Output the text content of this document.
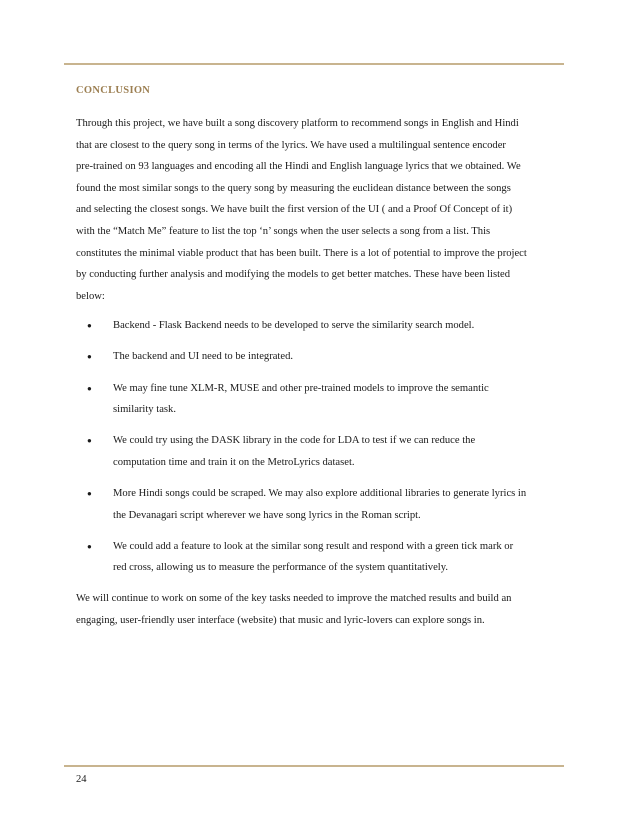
CONCLUSION

Through this project, we have built a song discovery platform to recommend songs in English and Hindi
that are closest to the query song in terms of the lyrics. We have used a multilingual sentence encoder
pre-trained on 93 languages and encoding all the Hindi and English language lyrics that we obtained. We
found the most similar songs to the query song by measuring the euclidean distance between the songs
and selecting the closest songs. We have built the first version of the UI ( and a Proof Of Concept of it)
with the “Match Me” feature to list the top ‘n’ songs when the user selects a song from a list. This
constitutes the minimal viable product that has been built. There is a lot of potential to improve the project
by conducting further analysis and modifying the models to get better matches. These have been listed
below:

● Backend - Flask Backend needs to be developed to serve the similarity search model.
● The backend and UI need to be integrated.
● We may fine tune XLM-R, MUSE and other pre-trained models to improve the semantic
similarity task.
● We could try using the DASK library in the code for LDA to test if we can reduce the
computation time and train it on the MetroLyrics dataset.
● More Hindi songs could be scraped. We may also explore additional libraries to generate lyrics in
the Devanagari script wherever we have song lyrics in the Roman script.
● We could add a feature to look at the similar song result and respond with a green tick mark or
red cross, allowing us to measure the performance of the system quantitatively.

We will continue to work on some of the key tasks needed to improve the matched results and build an
engaging, user-friendly user interface (website) that music and lyric-lovers can explore songs in.

24
